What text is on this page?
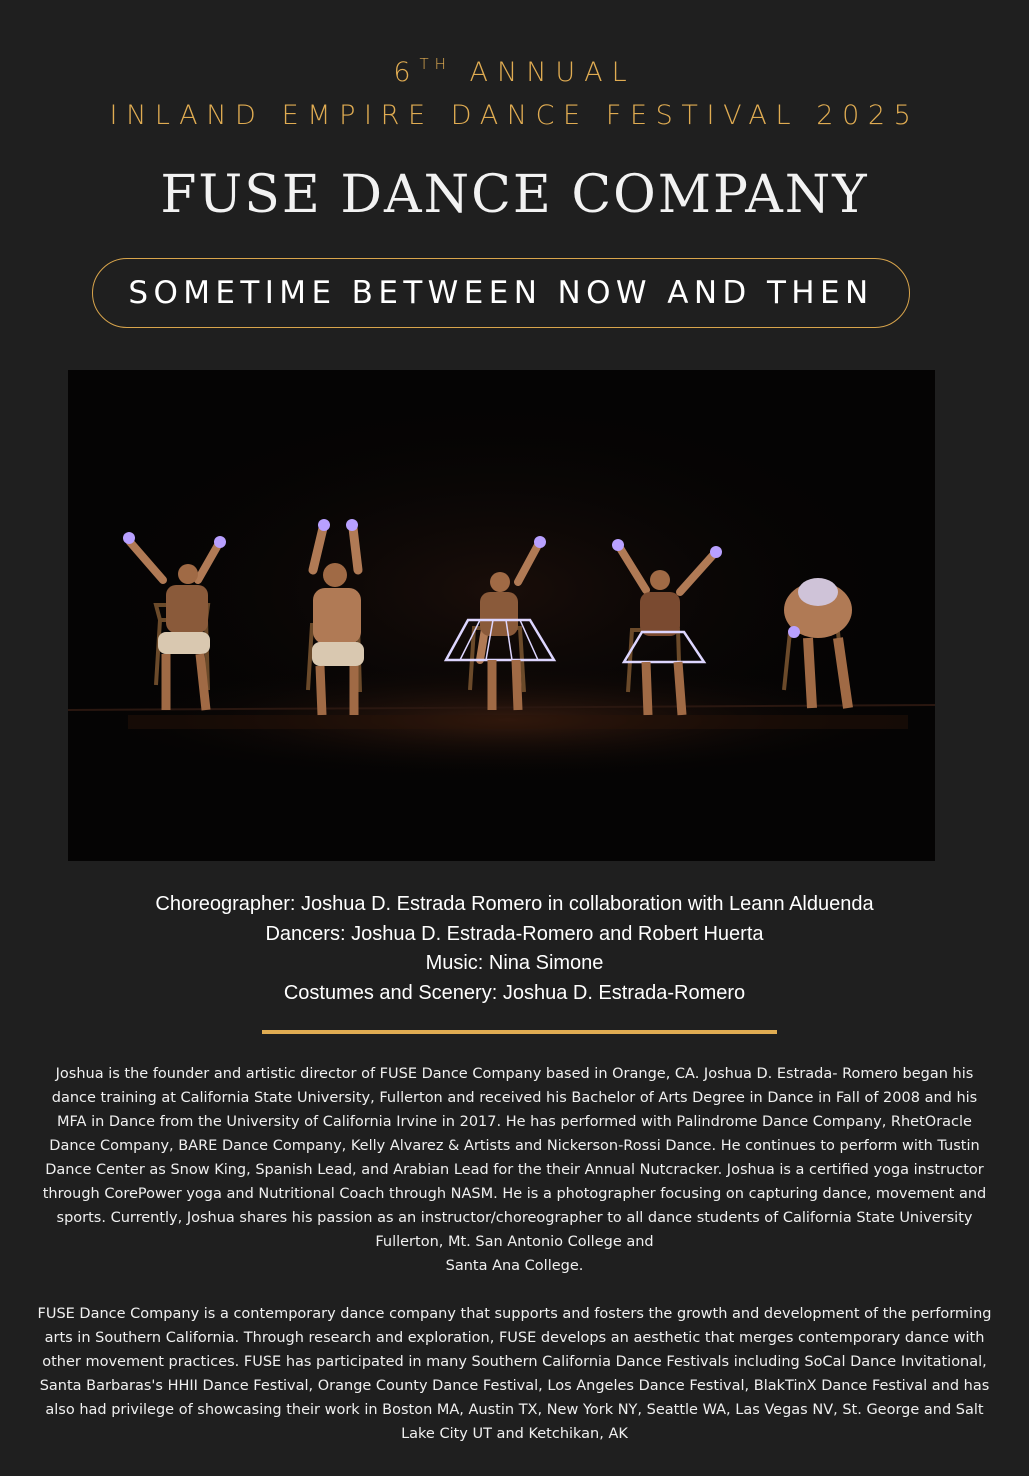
6TH ANNUAL
INLAND EMPIRE DANCE FESTIVAL 2025
FUSE DANCE COMPANY
SOMETIME BETWEEN NOW AND THEN
Choreographer: Joshua D. Estrada Romero in collaboration with Leann Alduenda
Dancers: Joshua D. Estrada-Romero and Robert Huerta
Music: Nina Simone
Costumes and Scenery: Joshua D. Estrada-Romero

Joshua is the founder and artistic director of FUSE Dance Company based in Orange, CA. Joshua D. Estrada- Romero began his dance training at California State University, Fullerton and received his Bachelor of Arts Degree in Dance in Fall of 2008 and his MFA in Dance from the University of California Irvine in 2017. He has performed with Palindrome Dance Company, RhetOracle Dance Company, BARE Dance Company, Kelly Alvarez & Artists and Nickerson-Rossi Dance. He continues to perform with Tustin Dance Center as Snow King, Spanish Lead, and Arabian Lead for the their Annual Nutcracker. Joshua is a certified yoga instructor through CorePower yoga and Nutritional Coach through NASM. He is a photographer focusing on capturing dance, movement and sports. Currently, Joshua shares his passion as an instructor/choreographer to all dance students of California State University Fullerton, Mt. San Antonio College and
Santa Ana College.

FUSE Dance Company is a contemporary dance company that supports and fosters the growth and development of the performing arts in Southern California. Through research and exploration, FUSE develops an aesthetic that merges contemporary dance with other movement practices. FUSE has participated in many Southern California Dance Festivals including SoCal Dance Invitational, Santa Barbaras's HHII Dance Festival, Orange County Dance Festival, Los Angeles Dance Festival, BlakTinX Dance Festival and has also had privilege of showcasing their work in Boston MA, Austin TX, New York NY, Seattle WA, Las Vegas NV, St. George and Salt Lake City UT and Ketchikan, AK
